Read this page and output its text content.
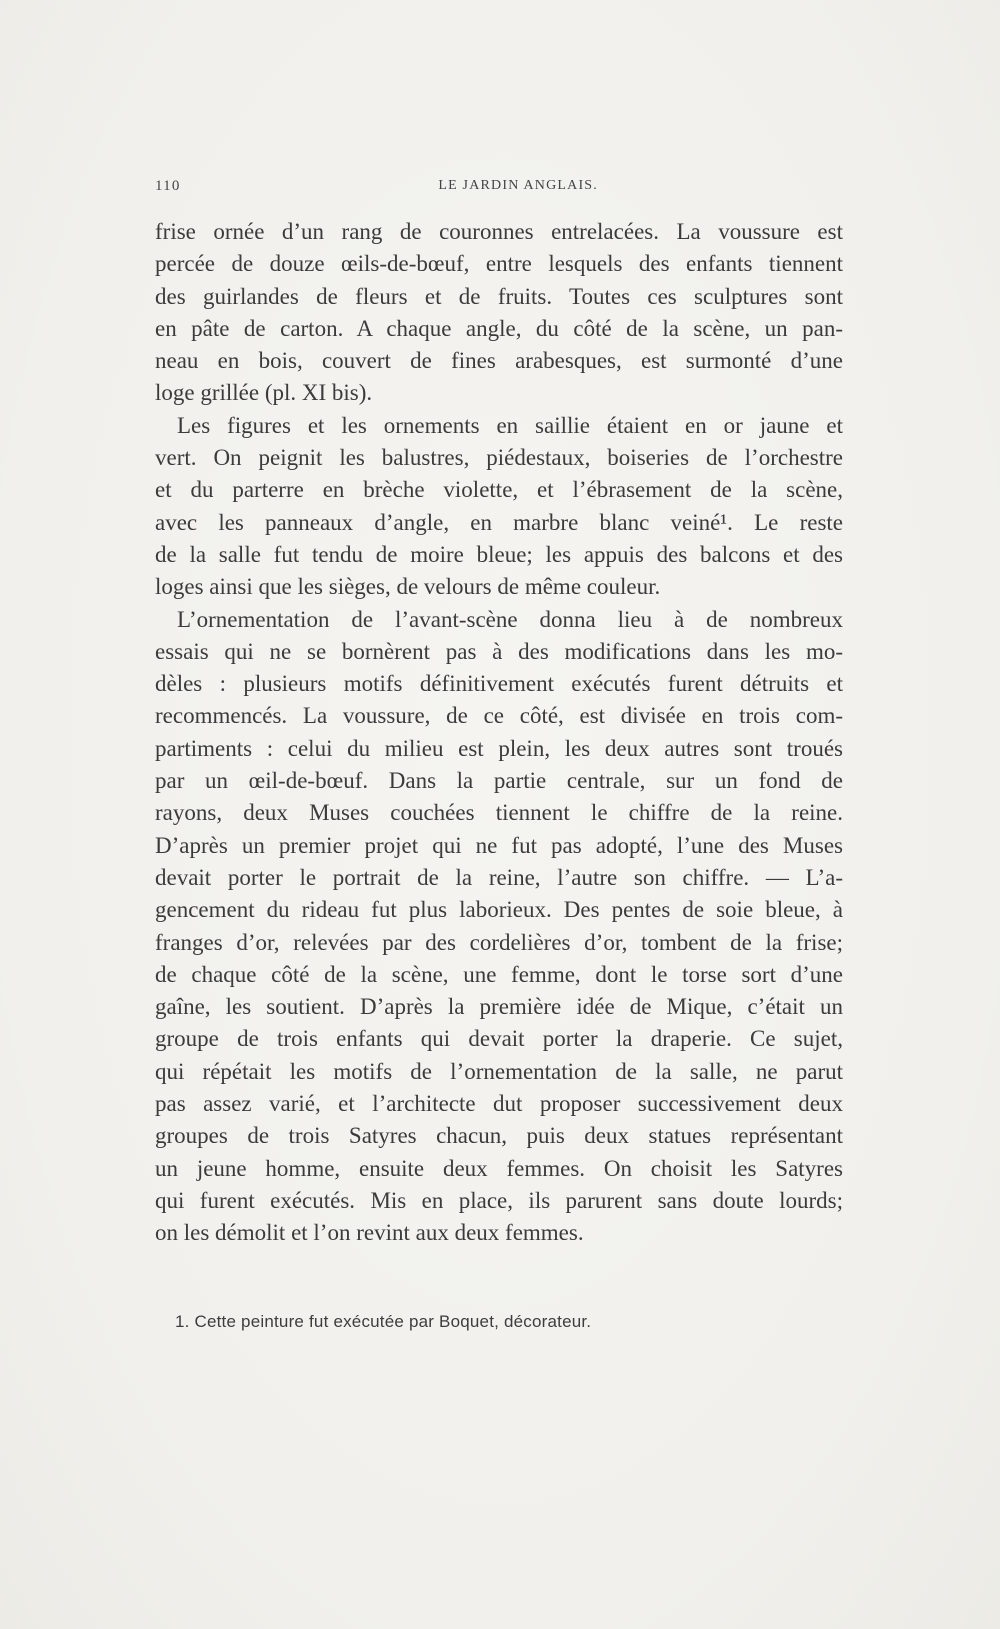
110	LE JARDIN ANGLAIS.
frise ornée d’un rang de couronnes entrelacées. La voussure est
percée de douze œils-de-bœuf, entre lesquels des enfants tiennent
des guirlandes de fleurs et de fruits. Toutes ces sculptures sont
en pâte de carton. A chaque angle, du côté de la scène, un pan-
neau en bois, couvert de fines arabesques, est surmonté d’une
loge grillée (pl. XI bis).
Les figures et les ornements en saillie étaient en or jaune et
vert. On peignit les balustres, piédestaux, boiseries de l’orchestre
et du parterre en brèche violette, et l’ébrasement de la scène,
avec les panneaux d’angle, en marbre blanc veiné¹. Le reste
de la salle fut tendu de moire bleue; les appuis des balcons et des
loges ainsi que les sièges, de velours de même couleur.
L’ornementation de l’avant-scène donna lieu à de nombreux
essais qui ne se bornèrent pas à des modifications dans les mo-
dèles : plusieurs motifs définitivement exécutés furent détruits et
recommencés. La voussure, de ce côté, est divisée en trois com-
partiments : celui du milieu est plein, les deux autres sont troués
par un œil-de-bœuf. Dans la partie centrale, sur un fond de
rayons, deux Muses couchées tiennent le chiffre de la reine.
D’après un premier projet qui ne fut pas adopté, l’une des Muses
devait porter le portrait de la reine, l’autre son chiffre. — L’a-
gencement du rideau fut plus laborieux. Des pentes de soie bleue, à
franges d’or, relevées par des cordelières d’or, tombent de la frise;
de chaque côté de la scène, une femme, dont le torse sort d’une
gaîne, les soutient. D’après la première idée de Mique, c’était un
groupe de trois enfants qui devait porter la draperie. Ce sujet,
qui répétait les motifs de l’ornementation de la salle, ne parut
pas assez varié, et l’architecte dut proposer successivement deux
groupes de trois Satyres chacun, puis deux statues représentant
un jeune homme, ensuite deux femmes. On choisit les Satyres
qui furent exécutés. Mis en place, ils parurent sans doute lourds;
on les démolit et l’on revint aux deux femmes.
1. Cette peinture fut exécutée par Boquet, décorateur.
